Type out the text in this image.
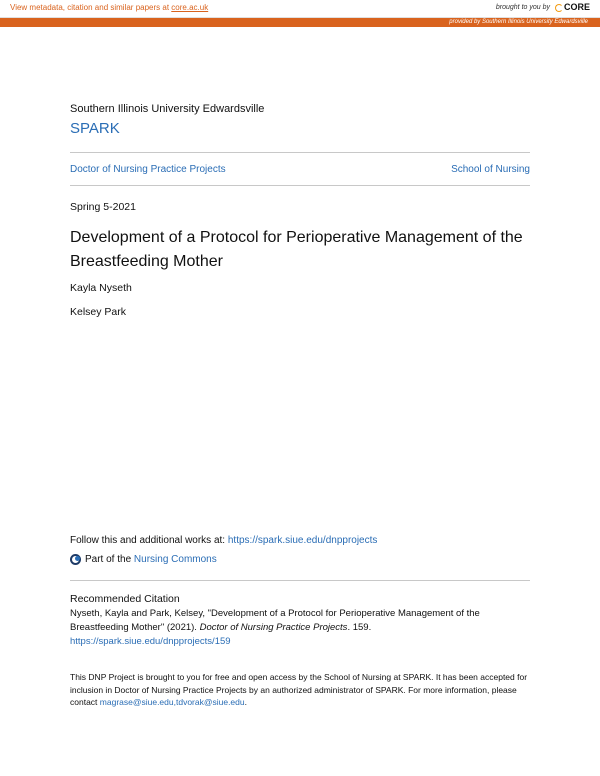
View metadata, citation and similar papers at core.ac.uk	brought to you by CORE
provided by Southern Illinois University Edwardsville
Southern Illinois University Edwardsville
SPARK
Doctor of Nursing Practice Projects	School of Nursing
Spring 5-2021
Development of a Protocol for Perioperative Management of the Breastfeeding Mother
Kayla Nyseth
Kelsey Park
Follow this and additional works at: https://spark.siue.edu/dnpprojects
Part of the Nursing Commons
Recommended Citation
Nyseth, Kayla and Park, Kelsey, "Development of a Protocol for Perioperative Management of the Breastfeeding Mother" (2021). Doctor of Nursing Practice Projects. 159.
https://spark.siue.edu/dnpprojects/159
This DNP Project is brought to you for free and open access by the School of Nursing at SPARK. It has been accepted for inclusion in Doctor of Nursing Practice Projects by an authorized administrator of SPARK. For more information, please contact magrase@siue.edu,tdvorak@siue.edu.
